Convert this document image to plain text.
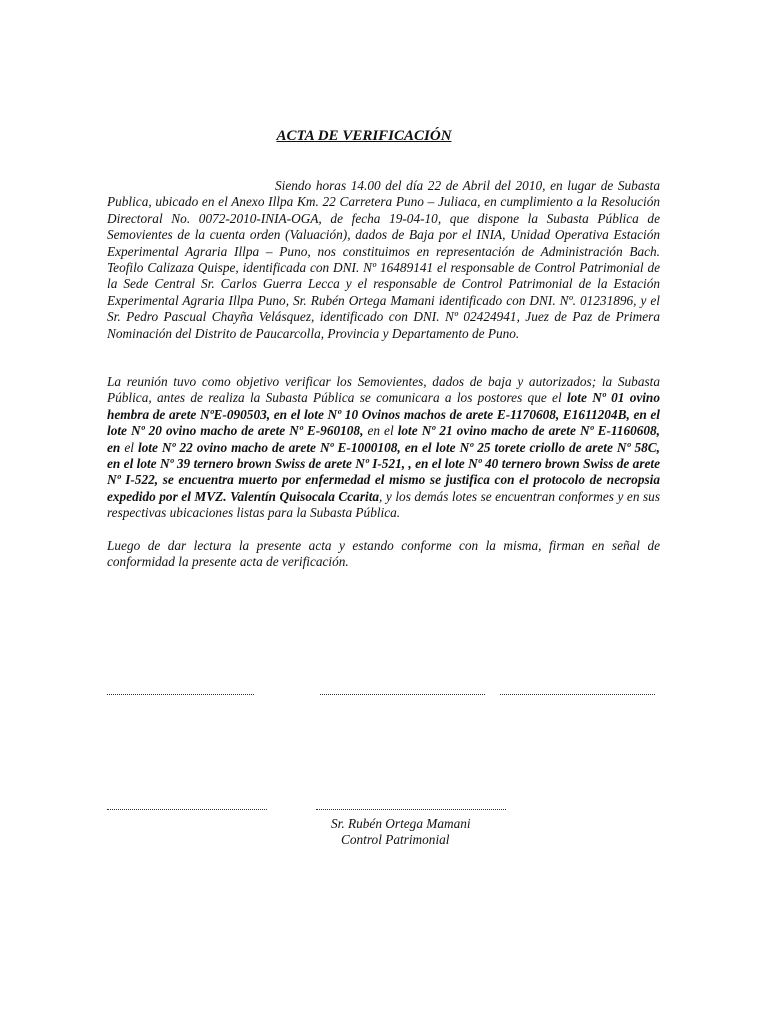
ACTA DE VERIFICACIÓN

Siendo horas 14.00 del día 22 de Abril del 2010, en lugar de Subasta Publica, ubicado en el Anexo Illpa Km. 22 Carretera Puno – Juliaca, en cumplimiento a la Resolución Directoral No. 0072-2010-INIA-OGA, de fecha 19-04-10, que dispone la Subasta Pública de Semovientes de la cuenta orden (Valuación), dados de Baja por el INIA, Unidad Operativa Estación Experimental Agraria Illpa – Puno, nos constituimos en representación de Administración Bach. Teofilo Calizaza Quispe, identificada con DNI. Nº 16489141 el responsable de Control Patrimonial de la Sede Central Sr. Carlos Guerra Lecca y el responsable de Control Patrimonial de la Estación Experimental Agraria Illpa Puno, Sr. Rubén Ortega Mamani identificado con DNI. Nº. 01231896, y el Sr. Pedro Pascual Chayña Velásquez, identificado con DNI. Nº 02424941, Juez de Paz de Primera Nominación del Distrito de Paucarcolla, Provincia y Departamento de Puno.

La reunión tuvo como objetivo verificar los Semovientes, dados de baja y autorizados; la Subasta Pública, antes de realiza la Subasta Pública se comunicara a los postores que el lote Nº 01 ovino hembra de arete NºE-090503, en el lote Nº 10 Ovinos machos de arete E-1170608, E1611204B, en el lote Nº 20 ovino macho de arete Nº E-960108, en el lote Nº 21 ovino macho de arete Nº E-1160608, en el lote Nº 22 ovino macho de arete Nº E-1000108, en el lote Nº 25 torete criollo de arete Nº 58C, en el lote Nº 39 ternero brown Swiss de arete Nº I-521, , en el lote Nº 40 ternero brown Swiss de arete Nº I-522, se encuentra muerto por enfermedad el mismo se justifica con el protocolo de necropsia expedido por el MVZ. Valentín Quisocala Ccarita, y los demás lotes se encuentran conformes y en sus respectivas ubicaciones listas para la Subasta Pública.

Luego de dar lectura la presente acta y estando conforme con la misma, firman en señal de conformidad la presente acta de verificación.

Sr. Rubén Ortega Mamani
Control Patrimonial
